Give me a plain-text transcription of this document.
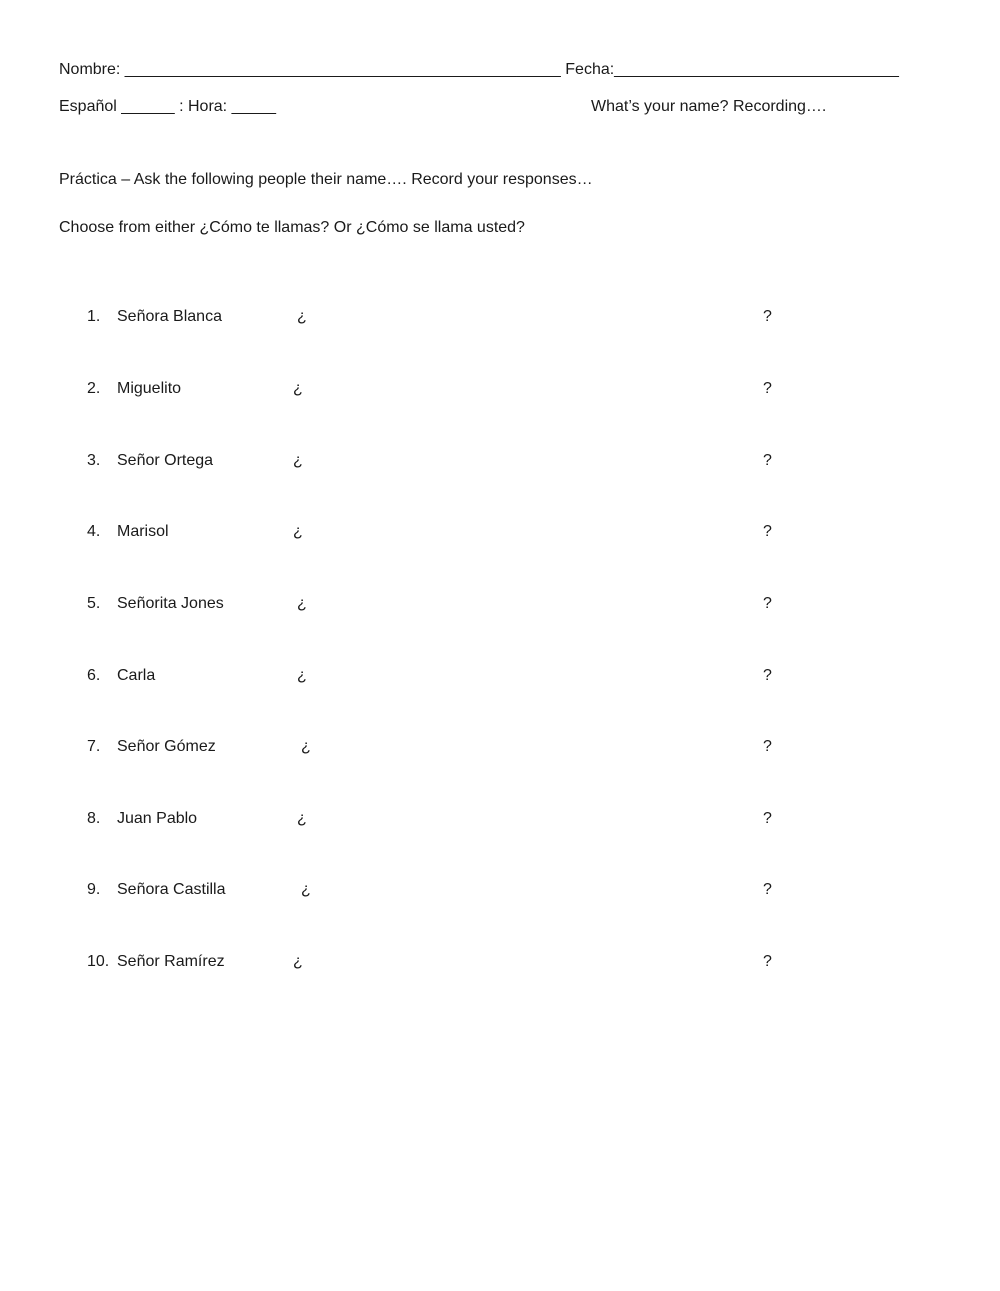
Nombre: _________________________________________________ Fecha:________________________________
Español ______ : Hora: _____	What’s your name? Recording….
Práctica – Ask the following people their name…. Record your responses…
Choose from either ¿Cómo te llamas? Or ¿Cómo se llama usted?
1. Señora Blanca	¿	?
2. Miguelito	¿	?
3. Señor Ortega	¿	?
4. Marisol	¿	?
5. Señorita Jones	¿	?
6. Carla	¿	?
7. Señor Gómez	¿	?
8. Juan Pablo	¿	?
9. Señora Castilla	¿	?
10. Señor Ramírez	¿	?
